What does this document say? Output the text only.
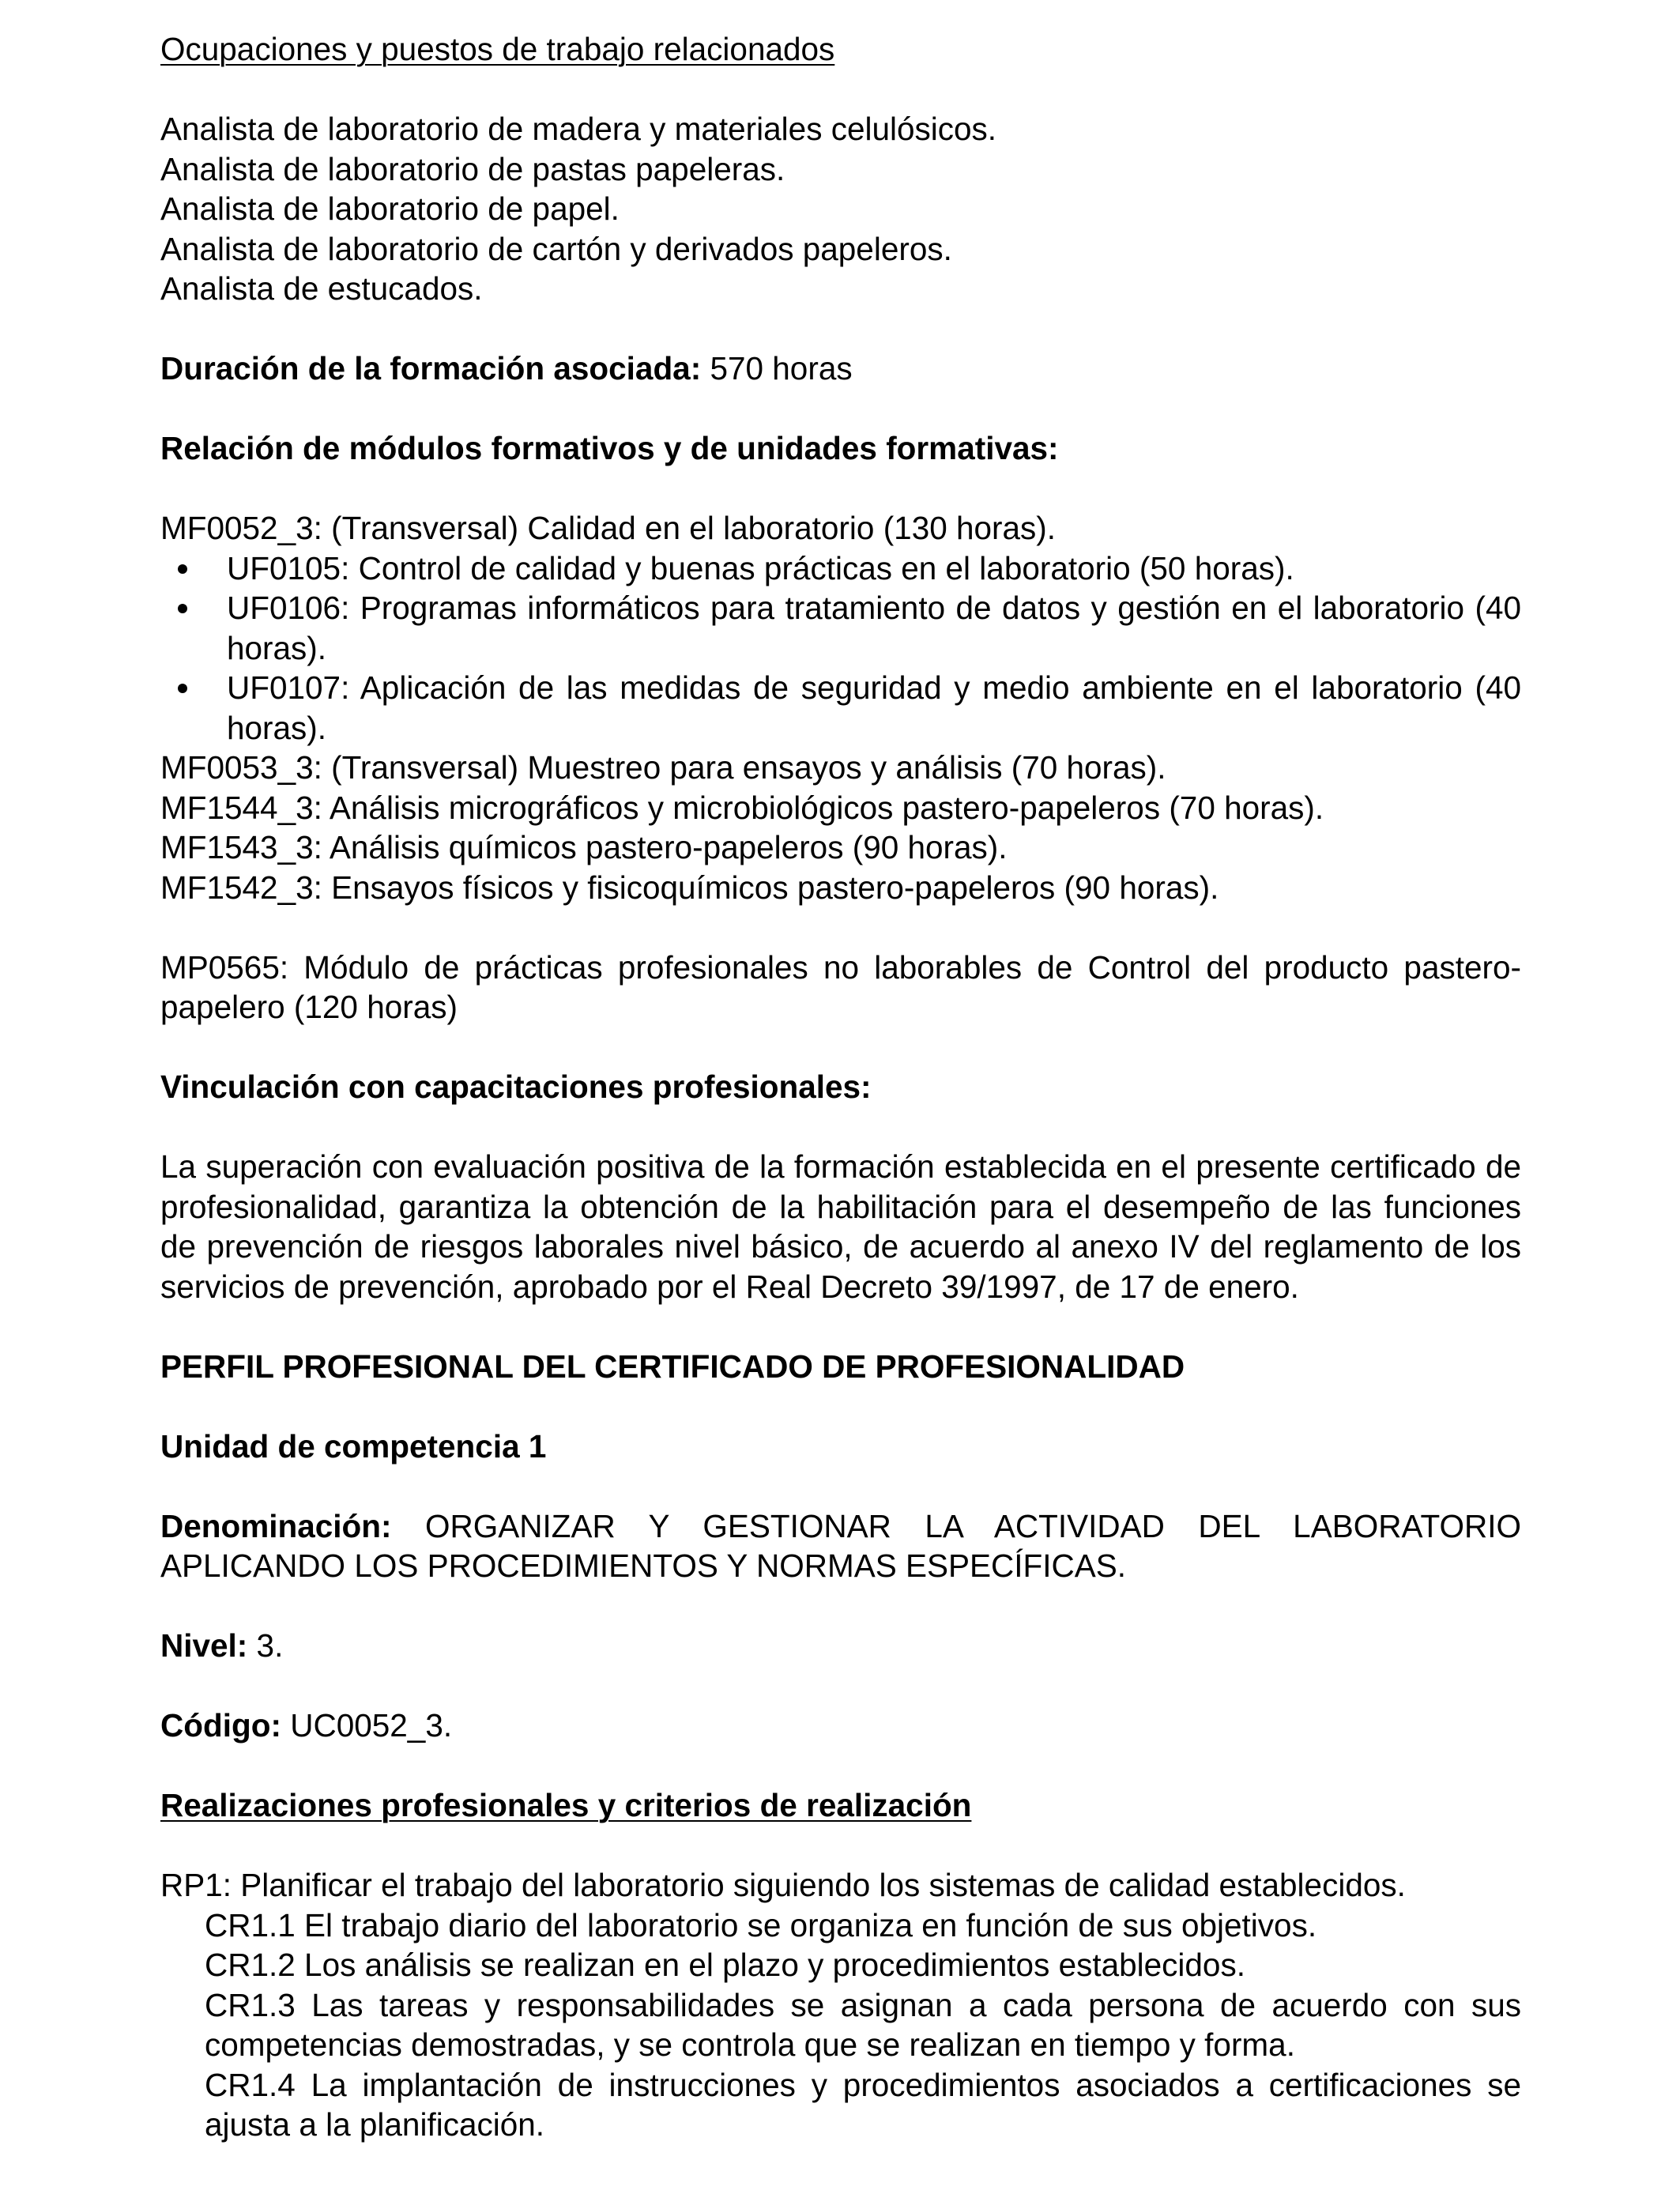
Ocupaciones y puestos de trabajo relacionados

Analista de laboratorio de madera y materiales celulósicos.

Analista de laboratorio de pastas papeleras.

Analista de laboratorio de papel.

Analista de laboratorio de cartón y derivados papeleros.

Analista de estucados.

Duración de la formación asociada: 570 horas

Relación de módulos formativos y de unidades formativas:

MF0052_3: (Transversal) Calidad en el laboratorio (130 horas).

UF0105: Control de calidad y buenas prácticas en el laboratorio (50 horas).
UF0106: Programas informáticos para tratamiento de datos y gestión en el laboratorio (40 horas).
UF0107: Aplicación de las medidas de seguridad y medio ambiente en el laboratorio (40 horas).

MF0053_3: (Transversal) Muestreo para ensayos y análisis (70 horas).

MF1544_3: Análisis micrográficos y microbiológicos pastero-papeleros (70 horas).

MF1543_3: Análisis químicos pastero-papeleros (90 horas).

MF1542_3: Ensayos físicos y fisicoquímicos pastero-papeleros (90 horas).

MP0565: Módulo de prácticas profesionales no laborables de Control del producto pastero-papelero (120 horas)

Vinculación con capacitaciones profesionales:

La superación con evaluación positiva de la formación establecida en el presente certificado de profesionalidad, garantiza la obtención de la habilitación para el desempeño de las funciones de prevención de riesgos laborales nivel básico, de acuerdo al anexo IV del reglamento de los servicios de prevención, aprobado por el Real Decreto 39/1997, de 17 de enero.

PERFIL PROFESIONAL DEL CERTIFICADO DE PROFESIONALIDAD

Unidad de competencia 1

Denominación: ORGANIZAR Y GESTIONAR LA ACTIVIDAD DEL LABORATORIO APLICANDO LOS PROCEDIMIENTOS Y NORMAS ESPECÍFICAS.

Nivel: 3.

Código: UC0052_3.

Realizaciones profesionales y criterios de realización

RP1: Planificar el trabajo del laboratorio siguiendo los sistemas de calidad establecidos.

CR1.1 El trabajo diario del laboratorio se organiza en función de sus objetivos.

CR1.2 Los análisis se realizan en el plazo y procedimientos establecidos.

CR1.3 Las tareas y responsabilidades se asignan a cada persona de acuerdo con sus competencias demostradas, y se controla que se realizan en tiempo y forma.

CR1.4 La implantación de instrucciones y procedimientos asociados a certificaciones se ajusta a la planificación.
